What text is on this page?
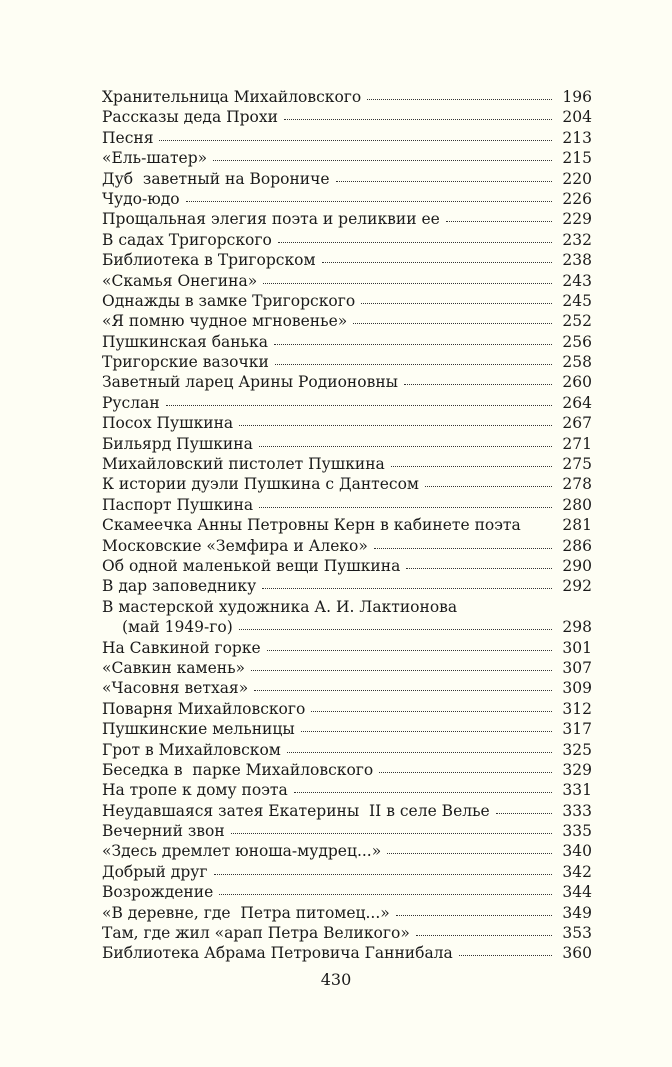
Хранительница Михайловского	196
Рассказы деда Прохи	204
Песня	213
«Ель-шатер»	215
Дуб  заветный на Ворониче	220
Чудо-юдо	226
Прощальная элегия поэта и реликвии ее	229
В садах Тригорского	232
Библиотека в Тригорском	238
«Скамья Онегина»	243
Однажды в замке Тригорского	245
«Я помню чудное мгновенье»	252
Пушкинская банька	256
Тригорские вазочки	258
Заветный ларец Арины Родионовны	260
Руслан	264
Посох Пушкина	267
Бильярд Пушкина	271
Михайловский пистолет Пушкина	275
К истории дуэли Пушкина с Дантесом	278
Паспорт Пушкина	280
Скамеечка Анны Петровны Керн в кабинете поэта	281
Московские «Земфира и Алеко»	286
Об одной маленькой вещи Пушкина	290
В дар заповеднику	292
В мастерской художника А. И. Лактионова
(май 1949-го)	298
На Савкиной горке	301
«Савкин камень»	307
«Часовня ветхая»	309
Поварня Михайловского	312
Пушкинские мельницы	317
Грот в Михайловском	325
Беседка в  парке Михайловского	329
На тропе к дому поэта	331
Неудавшаяся затея Екатерины  II в селе Велье	333
Вечерний звон	335
«Здесь дремлет юноша-мудрец...»	340
Добрый друг	342
Возрождение	344
«В деревне, где  Петра питомец...»	349
Там, где жил «арап Петра Великого»	353
Библиотека Абрама Петровича Ганнибала	360
430
